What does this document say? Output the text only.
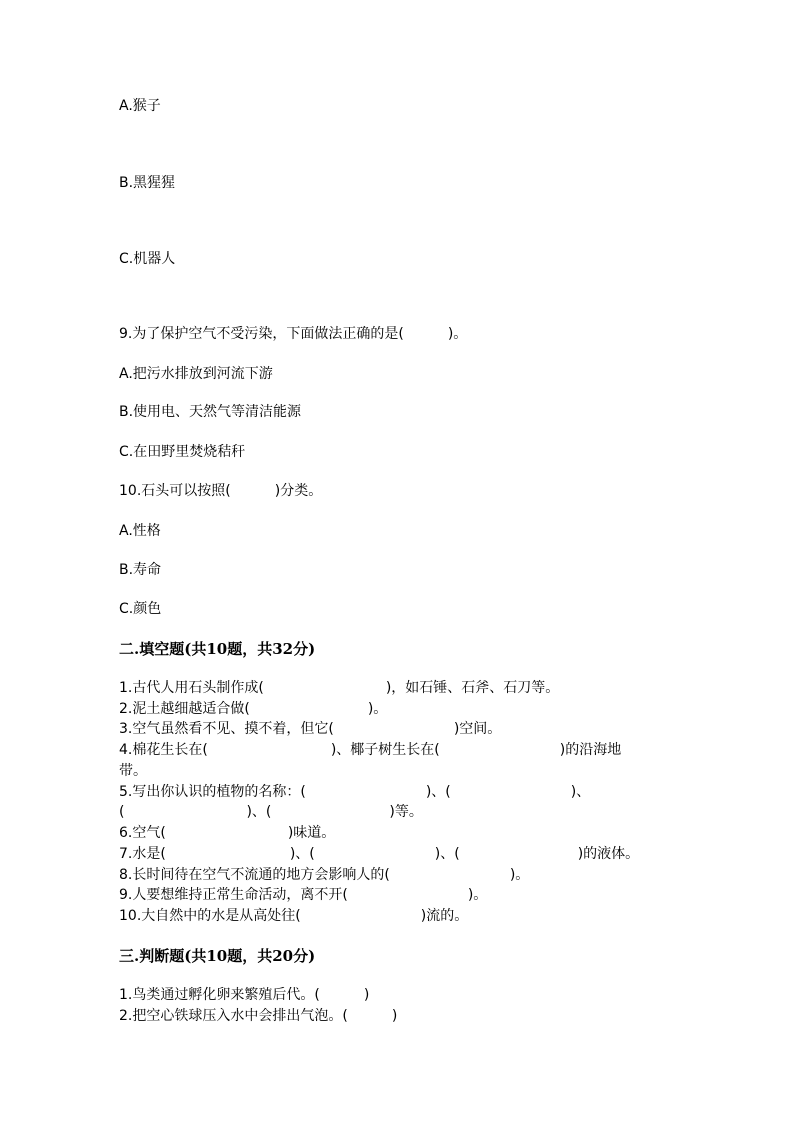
A.猴子
B.黑猩猩
C.机器人
9.为了保护空气不受污染，下面做法正确的是(	)。
A.把污水排放到河流下游
B.使用电、天然气等清洁能源
C.在田野里焚烧秸秆
10.石头可以按照(	)分类。
A.性格
B.寿命
C.颜色
二.填空题(共10题，共32分)
1.古代人用石头制作成(	)，如石锤、石斧、石刀等。
2.泥土越细越适合做(	)。
3.空气虽然看不见、摸不着，但它(	)空间。
4.棉花生长在(	)、椰子树生长在(	)的沿海地
带。
5.写出你认识的植物的名称：(	)、(	)、
(	)、(	)等。
6.空气(	)味道。
7.水是(	)、(	)、(	)的液体。
8.长时间待在空气不流通的地方会影响人的(	)。
9.人要想维持正常生命活动，离不开(	)。
10.大自然中的水是从高处往(	)流的。
三.判断题(共10题，共20分)
1.鸟类通过孵化卵来繁殖后代。(	)
2.把空心铁球压入水中会排出气泡。(	)
